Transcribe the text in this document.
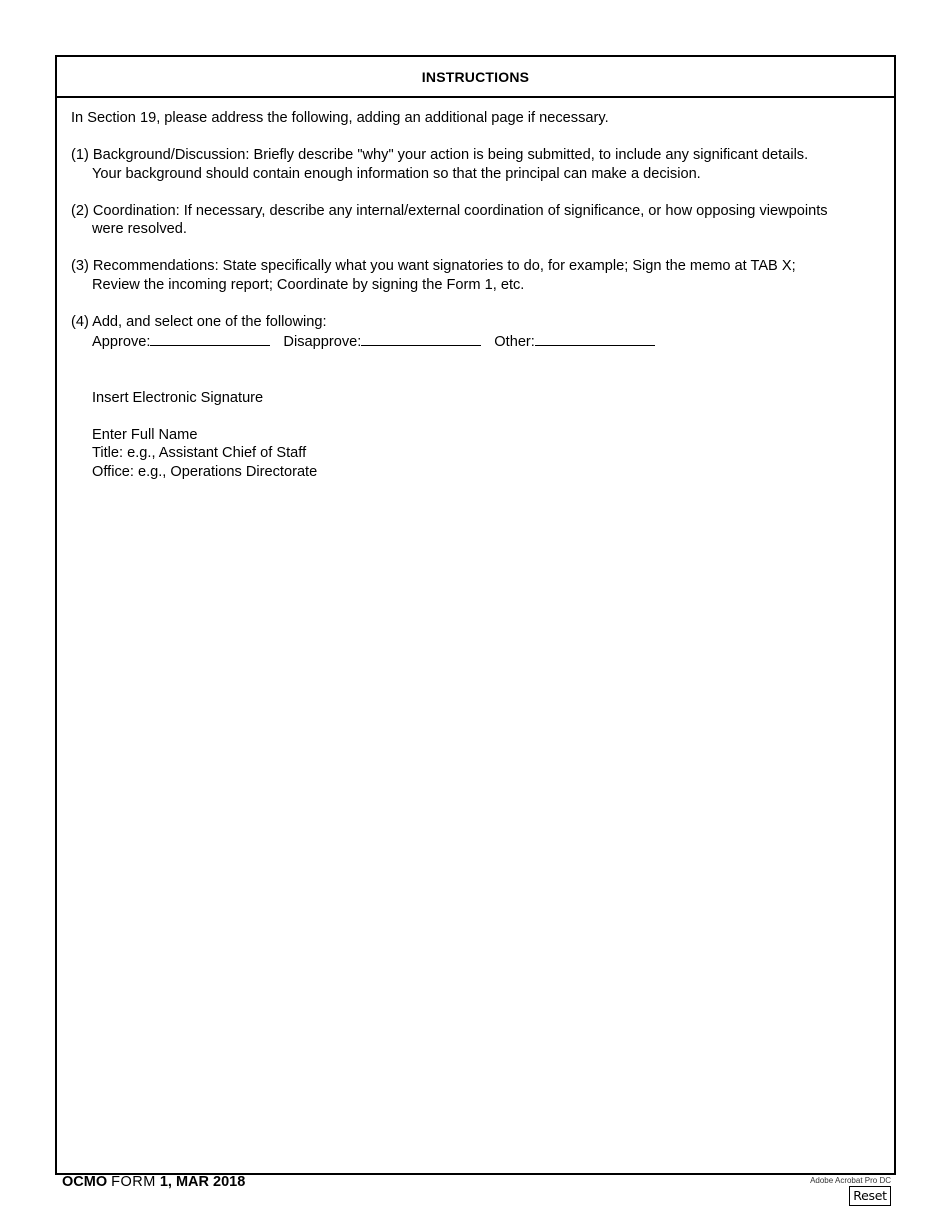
INSTRUCTIONS

In Section 19, please address the following, adding an additional page if necessary.

(1) Background/Discussion: Briefly describe "why" your action is being submitted, to include any significant details.
Your background should contain enough information so that the principal can make a decision.

(2) Coordination: If necessary, describe any internal/external coordination of significance, or how opposing viewpoints
were resolved.

(3) Recommendations: State specifically what you want signatories to do, for example; Sign the memo at TAB X;
Review the incoming report; Coordinate by signing the Form 1, etc.

(4) Add, and select one of the following:
Approve:	Disapprove:	Other:
Insert Electronic Signature
Enter Full Name
Title: e.g., Assistant Chief of Staff
Office: e.g., Operations Directorate
OCMO FORM 1, MAR 2018	Adobe Acrobat Pro DC
Reset
